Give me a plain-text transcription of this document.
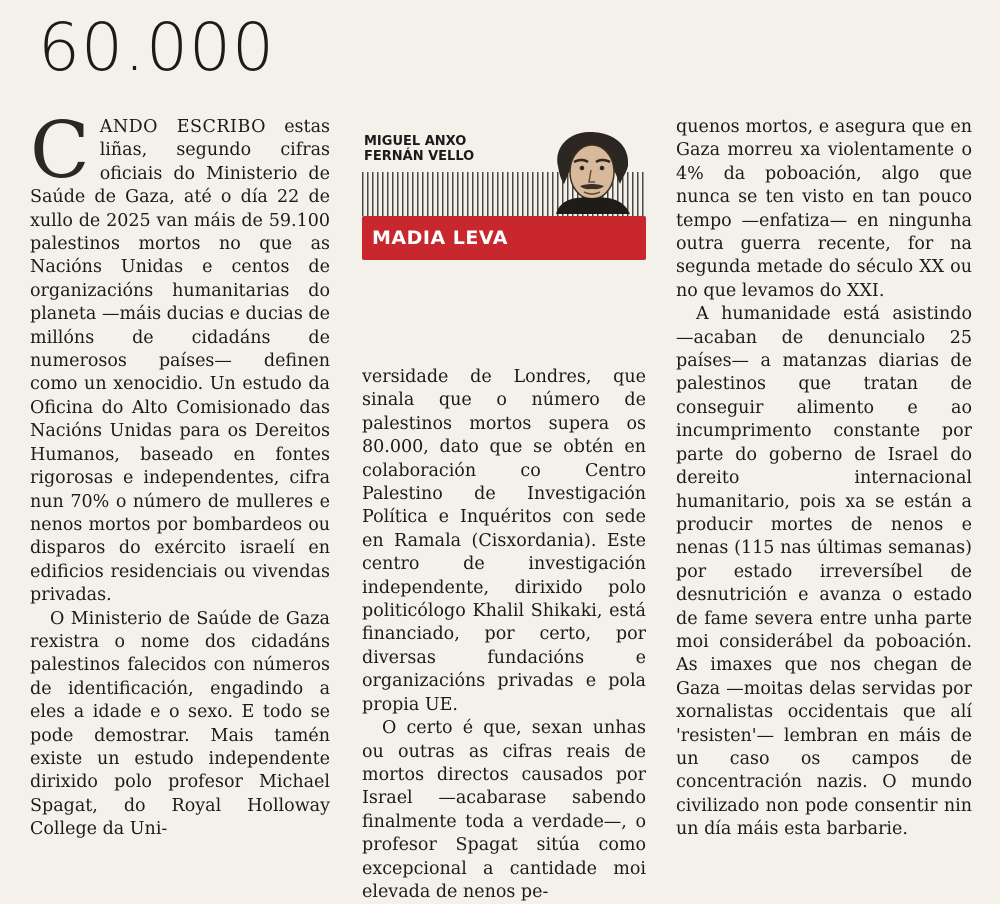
60.000

MIGUEL ANXO
FERNÁN VELLO

MADIA LEVA

CANDO ESCRIBO estas liñas, segundo cifras oficiais do Ministerio de Saúde de Gaza, até o día 22 de xullo de 2025 van máis de 59.100 palestinos mortos no que as Nacións Unidas e centos de organizacións humanitarias do planeta —máis ducias e ducias de millóns de cidadáns de numerosos países— definen como un xenocidio. Un estudo da Oficina do Alto Comisionado das Nacións Unidas para os Dereitos Humanos, baseado en fontes rigorosas e independentes, cifra nun 70% o número de mulleres e nenos mortos por bombardeos ou disparos do exército israelí en edificios residenciais ou vivendas privadas.

O Ministerio de Saúde de Gaza rexistra o nome dos cidadáns palestinos falecidos con números de identificación, engadindo a eles a idade e o sexo. E todo se pode demostrar. Mais tamén existe un estudo independente dirixido polo profesor Michael Spagat, do Royal Holloway College da Uni-

versidade de Londres, que sinala que o número de palestinos mortos supera os 80.000, dato que se obtén en colaboración co Centro Palestino de Investigación Política e Inquéritos con sede en Ramala (Cisxordania). Este centro de investigación independente, dirixido polo politicólogo Khalil Shikaki, está financiado, por certo, por diversas fundacións e organizacións privadas e pola propia UE.

O certo é que, sexan unhas ou outras as cifras reais de mortos directos causados por Israel —acabarase sabendo finalmente toda a verdade—, o profesor Spagat sitúa como excepcional a cantidade moi elevada de nenos pe-

quenos mortos, e asegura que en Gaza morreu xa violentamente o 4% da poboación, algo que nunca se ten visto en tan pouco tempo —enfatiza— en ningunha outra guerra recente, for na segunda metade do século XX ou no que levamos do XXI.

A humanidade está asistindo —acaban de denuncialo 25 países— a matanzas diarias de palestinos que tratan de conseguir alimento e ao incumprimento constante por parte do goberno de Israel do dereito internacional humanitario, pois xa se están a producir mortes de nenos e nenas (115 nas últimas semanas) por estado irreversíbel de desnutrición e avanza o estado de fame severa entre unha parte moi considerábel da poboación. As imaxes que nos chegan de Gaza —moitas delas servidas por xornalistas occidentais que alí 'resisten'— lembran en máis de un caso os campos de concentración nazis. O mundo civilizado non pode consentir nin un día máis esta barbarie.
